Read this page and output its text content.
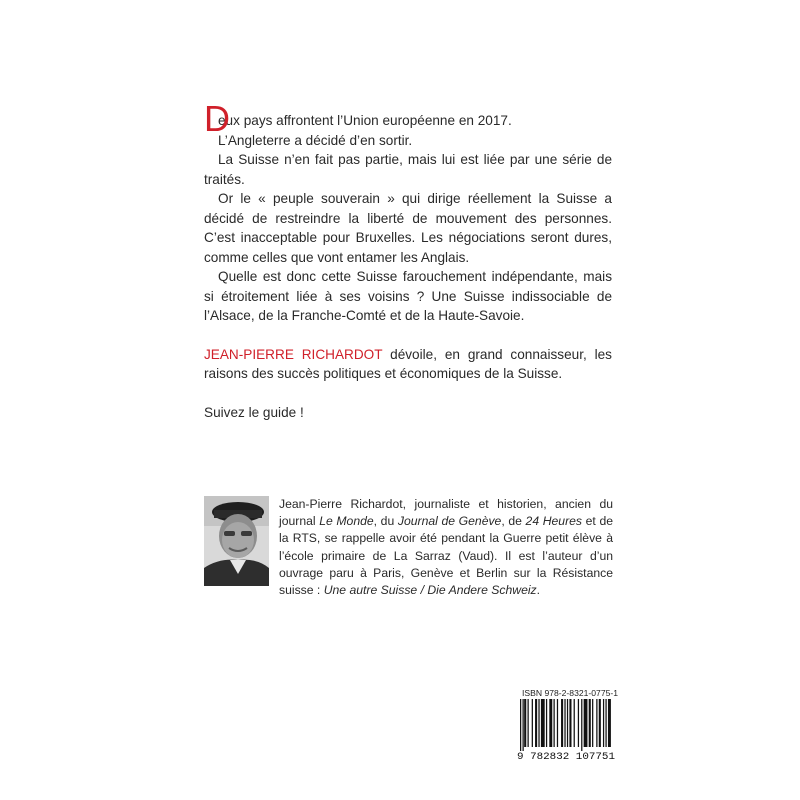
D
eux pays affrontent l’Union européenne en 2017.

L’Angleterre a décidé d’en sortir.

La Suisse n’en fait pas partie, mais lui est liée par une série de traités.

Or le « peuple souverain » qui dirige réellement la Suisse a décidé de restreindre la liberté de mouvement des personnes. C’est inacceptable pour Bruxelles. Les négociations seront dures, comme celles que vont entamer les Anglais.

Quelle est donc cette Suisse farouchement indépendante, mais si étroitement liée à ses voisins ? Une Suisse indissociable de l’Alsace, de la Franche-Comté et de la Haute-Savoie.

JEAN-PIERRE RICHARDOT dévoile, en grand connaisseur, les raisons des succès politiques et économiques de la Suisse.

Suivez le guide !

Jean-Pierre Richardot, journaliste et historien, ancien du journal Le Monde, du Journal de Genève, de 24 Heures et de la RTS, se rappelle avoir été pendant la Guerre petit élève à l’école primaire de La Sarraz (Vaud). Il est l’auteur d’un ouvrage paru à Paris, Genève et Berlin sur la Résistance suisse : Une autre Suisse / Die Andere Schweiz.
ISBN 978-2-8321-0775-1
9 782832 107751
